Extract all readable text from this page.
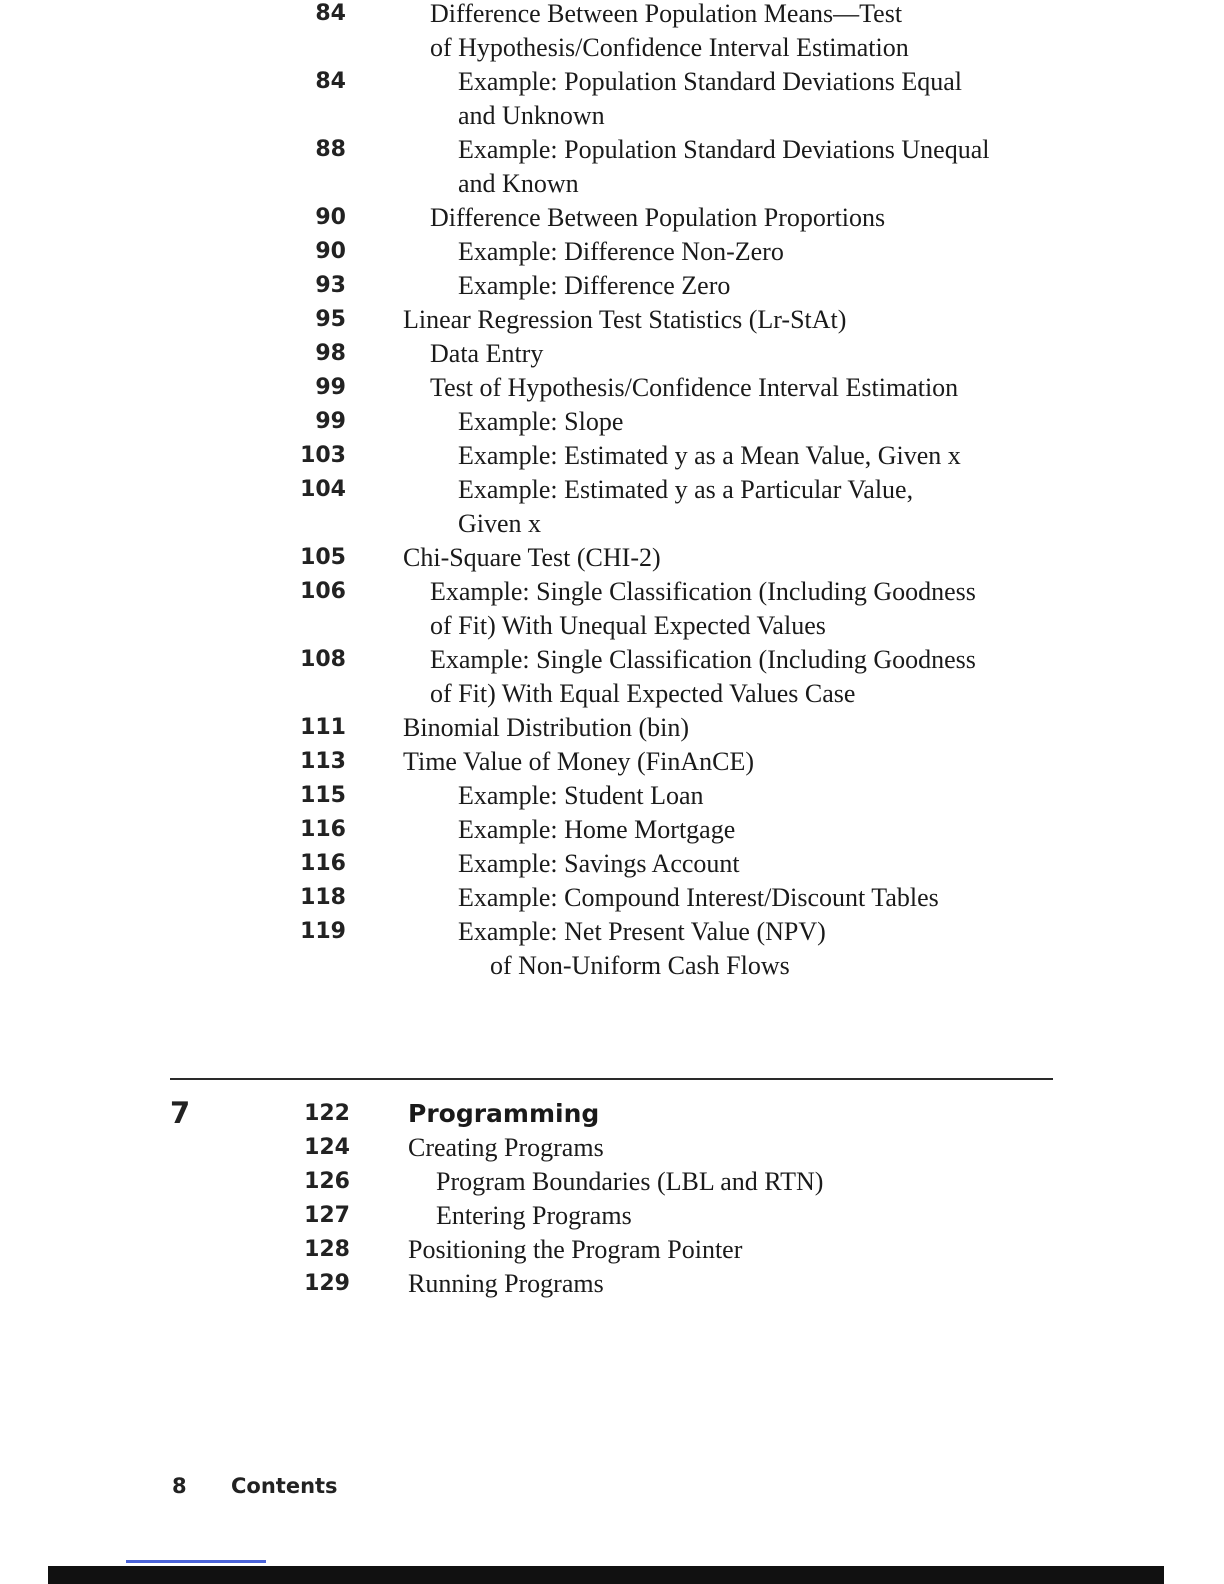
84	Difference Between Population Means—Test
of Hypothesis/Confidence Interval Estimation
84	Example: Population Standard Deviations Equal
and Unknown
88	Example: Population Standard Deviations Unequal
and Known
90	Difference Between Population Proportions
90	Example: Difference Non-Zero
93	Example: Difference Zero
95 Linear Regression Test Statistics (Lr-StAt)
98	Data Entry
99	Test of Hypothesis/Confidence Interval Estimation
99	Example: Slope
103	Example: Estimated y as a Mean Value, Given x
104	Example: Estimated y as a Particular Value,
Given x
105 Chi-Square Test (CHI-2)
106	Example: Single Classification (Including Goodness
of Fit) With Unequal Expected Values
108	Example: Single Classification (Including Goodness
of Fit) With Equal Expected Values Case
111 Binomial Distribution (bin)
113 Time Value of Money (FinAnCE)
115	Example: Student Loan
116	Example: Home Mortgage
116	Example: Savings Account
118	Example: Compound Interest/Discount Tables
119	Example: Net Present Value (NPV)
of Non-Uniform Cash Flows
7	122 Programming
124 Creating Programs
126	Program Boundaries (LBL and RTN)
127	Entering Programs
128 Positioning the Program Pointer
129 Running Programs
8 Contents
